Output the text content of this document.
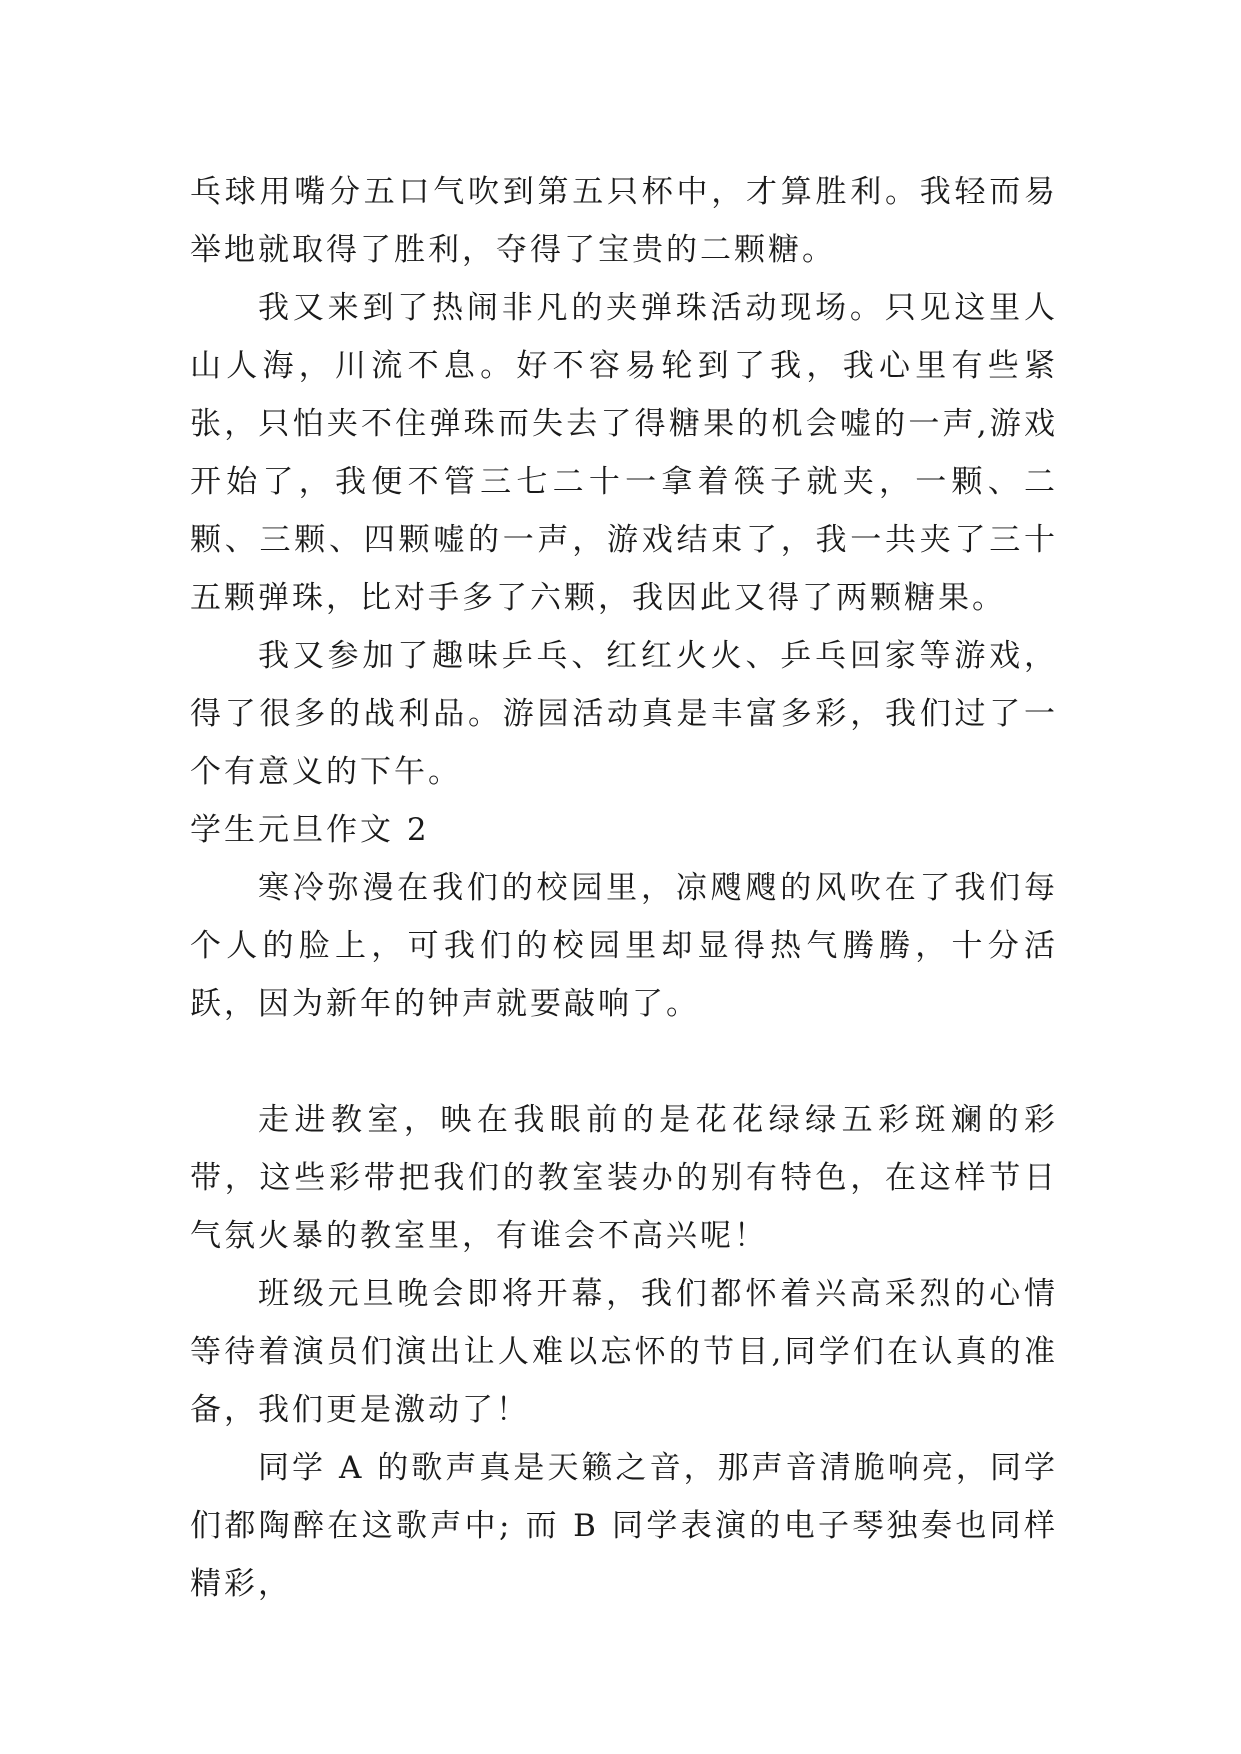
乓球用嘴分五口气吹到第五只杯中，才算胜利。我轻而易举地就取得了胜利，夺得了宝贵的二颗糖。

我又来到了热闹非凡的夹弹珠活动现场。只见这里人山人海，川流不息。好不容易轮到了我，我心里有些紧张，只怕夹不住弹珠而失去了得糖果的机会嘘的一声,游戏开始了，我便不管三七二十一拿着筷子就夹，一颗、二颗、三颗、四颗嘘的一声，游戏结束了，我一共夹了三十五颗弹珠，比对手多了六颗，我因此又得了两颗糖果。

我又参加了趣味乒乓、红红火火、乒乓回家等游戏，得了很多的战利品。游园活动真是丰富多彩，我们过了一个有意义的下午。

学生元旦作文 2

寒冷弥漫在我们的校园里，凉飕飕的风吹在了我们每个人的脸上，可我们的校园里却显得热气腾腾，十分活跃，因为新年的钟声就要敲响了。

走进教室，映在我眼前的是花花绿绿五彩斑斓的彩带，这些彩带把我们的教室装办的别有特色，在这样节日气氛火暴的教室里，有谁会不高兴呢！

班级元旦晚会即将开幕，我们都怀着兴高采烈的心情等待着演员们演出让人难以忘怀的节目,同学们在认真的准备，我们更是激动了！

同学 A 的歌声真是天籁之音，那声音清脆响亮，同学们都陶醉在这歌声中; 而 B 同学表演的电子琴独奏也同样精彩，
